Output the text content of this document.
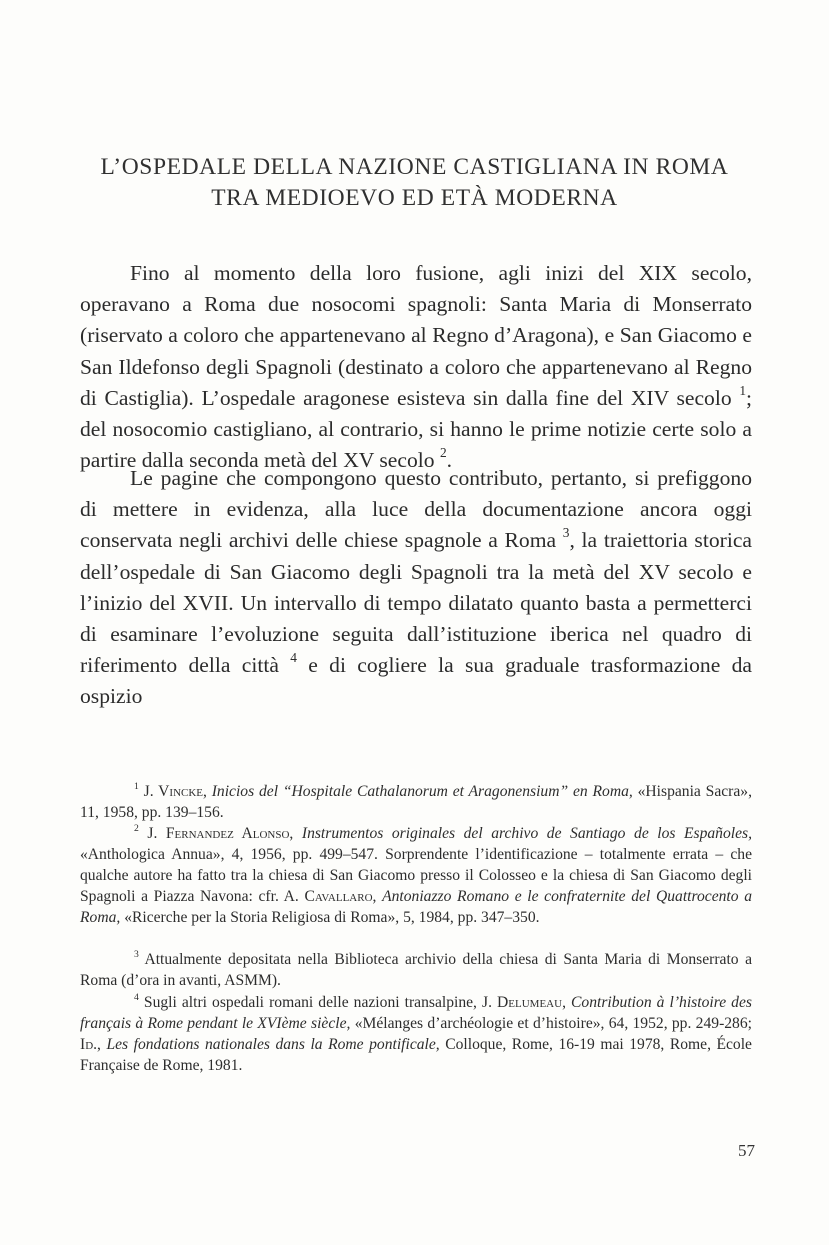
L’OSPEDALE DELLA NAZIONE CASTIGLIANA IN ROMA
TRA MEDIOEVO ED ETÀ MODERNA

Fino al momento della loro fusione, agli inizi del XIX secolo, operavano a Roma due nosocomi spagnoli: Santa Maria di Monserrato (riservato a coloro che appartenevano al Regno d’Aragona), e San Giacomo e San Ildefonso degli Spagnoli (destinato a coloro che appartenevano al Regno di Castiglia). L’ospedale aragonese esisteva sin dalla fine del XIV secolo $^1$; del nosocomio castigliano, al contrario, si hanno le prime notizie certe solo a partire dalla seconda metà del XV secolo $^2$.

Le pagine che compongono questo contributo, pertanto, si prefiggono di mettere in evidenza, alla luce della documentazione ancora oggi conservata negli archivi delle chiese spagnole a Roma $^3$, la traiettoria storica dell’ospedale di San Giacomo degli Spagnoli tra la metà del XV secolo e l’inizio del XVII. Un intervallo di tempo dilatato quanto basta a permetterci di esaminare l’evoluzione seguita dall’istituzione iberica nel quadro di riferimento della città $^4$ e di cogliere la sua graduale trasformazione da ospizio

$^1$ J. Vincke, Inicios del “Hospitale Cathalanorum et Aragonensium” en Roma, «Hispania Sacra», 11, 1958, pp. 139–156.

$^2$ J. Fernandez Alonso, Instrumentos originales del archivo de Santiago de los Españoles, «Anthologica Annua», 4, 1956, pp. 499–547. Sorprendente l’identificazione – totalmente errata – che qualche autore ha fatto tra la chiesa di San Giacomo presso il Colosseo e la chiesa di San Giacomo degli Spagnoli a Piazza Navona: cfr. A. Cavallaro, Antoniazzo Romano e le confraternite del Quattrocento a Roma, «Ricerche per la Storia Religiosa di Roma», 5, 1984, pp. 347–350.

$^3$ Attualmente depositata nella Biblioteca archivio della chiesa di Santa Maria di Monserrato a Roma (d’ora in avanti, ASMM).

$^4$ Sugli altri ospedali romani delle nazioni transalpine, J. Delumeau, Contribution à l’histoire des français à Rome pendant le XVIème siècle, «Mélanges d’archéologie et d’histoire», 64, 1952, pp. 249-286; Id., Les fondations nationales dans la Rome pontificale, Colloque, Rome, 16-19 mai 1978, Rome, École Française de Rome, 1981.

57
